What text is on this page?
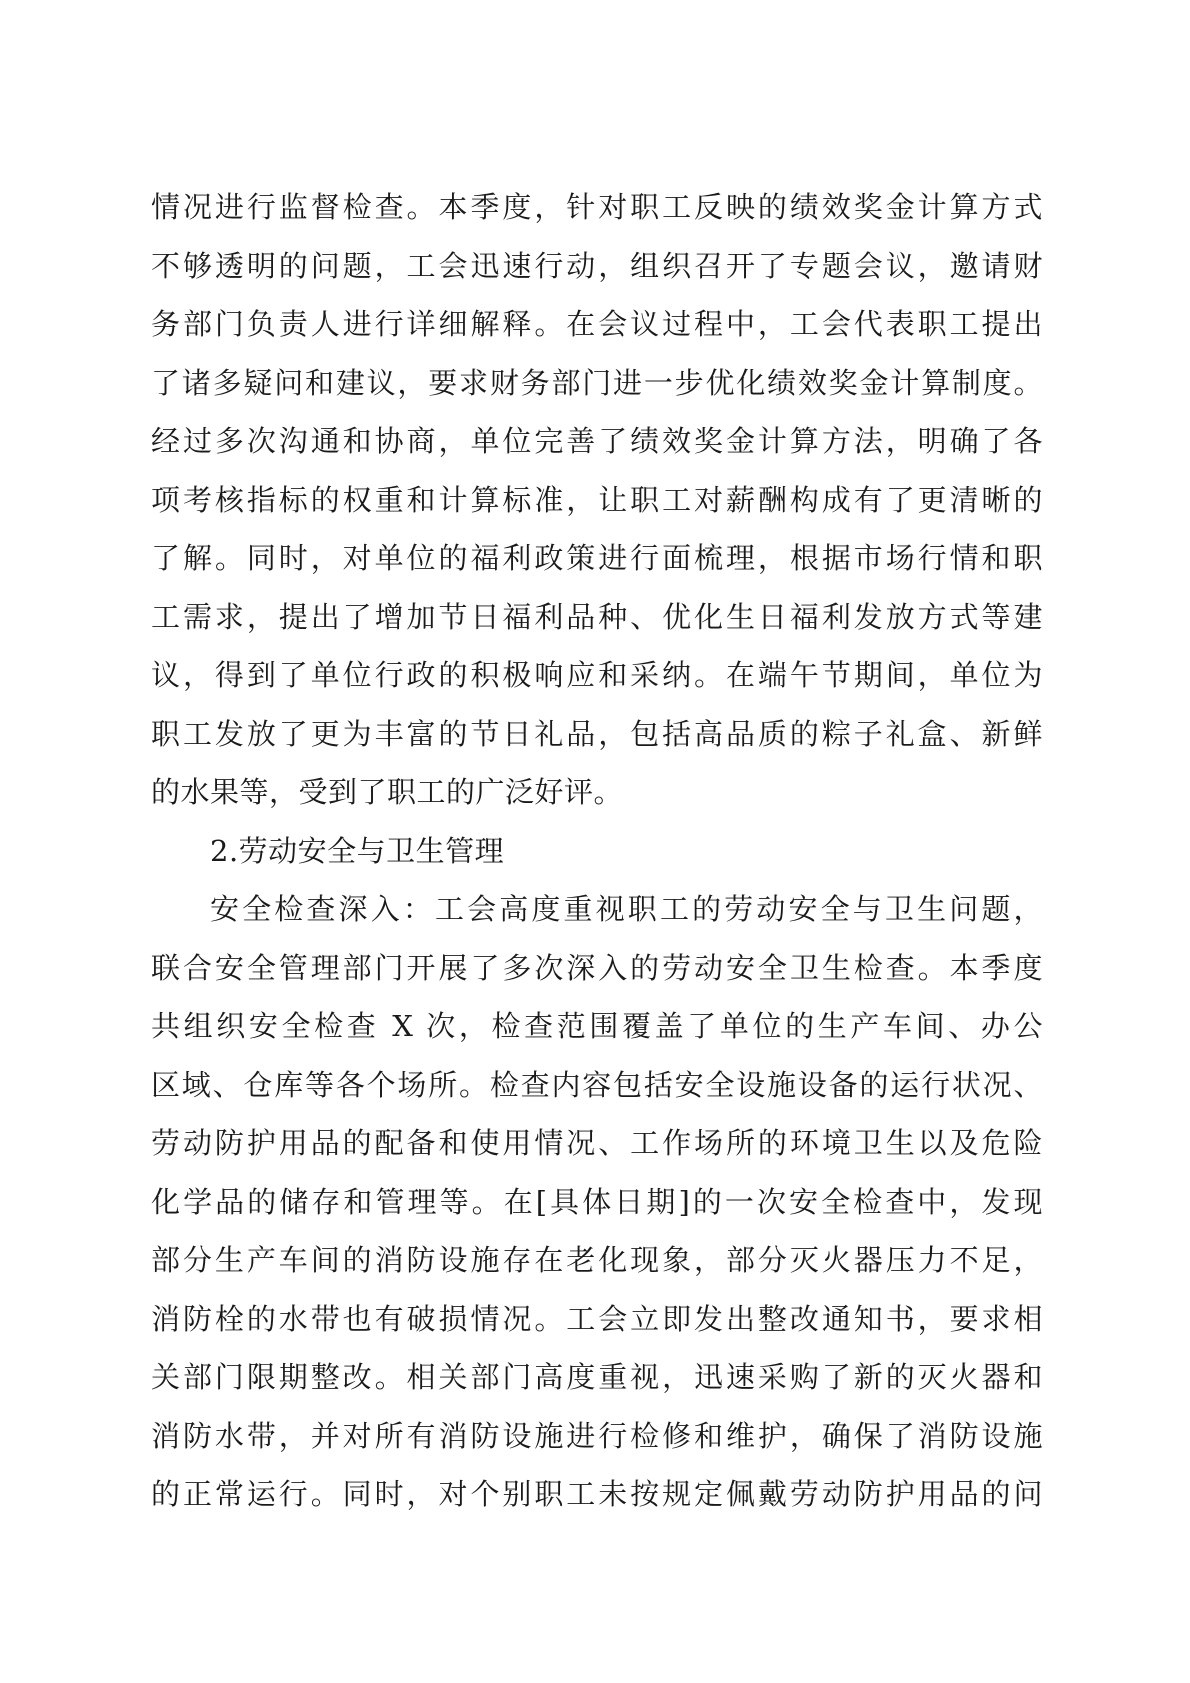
情况进行监督检查。本季度，针对职工反映的绩效奖金计算方式
不够透明的问题，工会迅速行动，组织召开了专题会议，邀请财
务部门负责人进行详细解释。在会议过程中，工会代表职工提出
了诸多疑问和建议，要求财务部门进一步优化绩效奖金计算制度。
经过多次沟通和协商，单位完善了绩效奖金计算方法，明确了各
项考核指标的权重和计算标准，让职工对薪酬构成有了更清晰的
了解。同时，对单位的福利政策进行面梳理，根据市场行情和职
工需求，提出了增加节日福利品种、优化生日福利发放方式等建
议，得到了单位行政的积极响应和采纳。在端午节期间，单位为
职工发放了更为丰富的节日礼品，包括高品质的粽子礼盒、新鲜
的水果等，受到了职工的广泛好评。
2.劳动安全与卫生管理
安全检查深入：工会高度重视职工的劳动安全与卫生问题，
联合安全管理部门开展了多次深入的劳动安全卫生检查。本季度
共组织安全检查 X 次，检查范围覆盖了单位的生产车间、办公
区域、仓库等各个场所。检查内容包括安全设施设备的运行状况、
劳动防护用品的配备和使用情况、工作场所的环境卫生以及危险
化学品的储存和管理等。在[具体日期]的一次安全检查中，发现
部分生产车间的消防设施存在老化现象，部分灭火器压力不足，
消防栓的水带也有破损情况。工会立即发出整改通知书，要求相
关部门限期整改。相关部门高度重视，迅速采购了新的灭火器和
消防水带，并对所有消防设施进行检修和维护，确保了消防设施
的正常运行。同时，对个别职工未按规定佩戴劳动防护用品的问
